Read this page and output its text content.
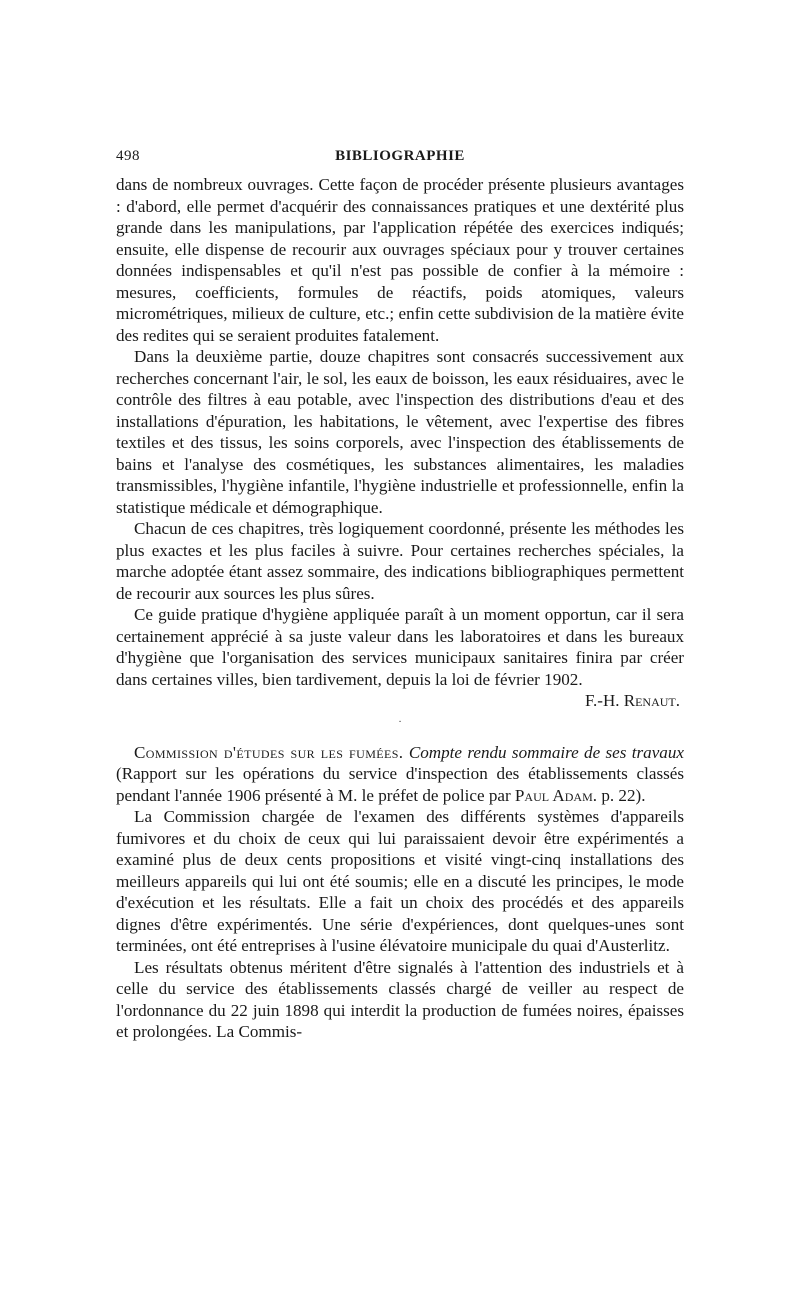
498	BIBLIOGRAPHIE

dans de nombreux ouvrages. Cette façon de procéder présente plusieurs avantages : d'abord, elle permet d'acquérir des connaissances pratiques et une dextérité plus grande dans les manipulations, par l'application répétée des exercices indiqués; ensuite, elle dispense de recourir aux ouvrages spéciaux pour y trouver certaines données indispensables et qu'il n'est pas possible de confier à la mémoire : mesures, coefficients, formules de réactifs, poids atomiques, valeurs micrométriques, milieux de culture, etc.; enfin cette subdivision de la matière évite des redites qui se seraient produites fatalement.

Dans la deuxième partie, douze chapitres sont consacrés successivement aux recherches concernant l'air, le sol, les eaux de boisson, les eaux résiduaires, avec le contrôle des filtres à eau potable, avec l'inspection des distributions d'eau et des installations d'épuration, les habitations, le vêtement, avec l'expertise des fibres textiles et des tissus, les soins corporels, avec l'inspection des établissements de bains et l'analyse des cosmétiques, les substances alimentaires, les maladies transmissibles, l'hygiène infantile, l'hygiène industrielle et professionnelle, enfin la statistique médicale et démographique.

Chacun de ces chapitres, très logiquement coordonné, présente les méthodes les plus exactes et les plus faciles à suivre. Pour certaines recherches spéciales, la marche adoptée étant assez sommaire, des indications bibliographiques permettent de recourir aux sources les plus sûres.

Ce guide pratique d'hygiène appliquée paraît à un moment opportun, car il sera certainement apprécié à sa juste valeur dans les laboratoires et dans les bureaux d'hygiène que l'organisation des services municipaux sanitaires finira par créer dans certaines villes, bien tardivement, depuis la loi de février 1902.

F.-H. Renaut.
·

Commission d'études sur les fumées. Compte rendu sommaire de ses travaux (Rapport sur les opérations du service d'inspection des établissements classés pendant l'année 1906 présenté à M. le préfet de police par Paul Adam. p. 22).

La Commission chargée de l'examen des différents systèmes d'appareils fumivores et du choix de ceux qui lui paraissaient devoir être expérimentés a examiné plus de deux cents propositions et visité vingt-cinq installations des meilleurs appareils qui lui ont été soumis; elle en a discuté les principes, le mode d'exécution et les résultats. Elle a fait un choix des procédés et des appareils dignes d'être expérimentés. Une série d'expériences, dont quelques-unes sont terminées, ont été entreprises à l'usine élévatoire municipale du quai d'Austerlitz.

Les résultats obtenus méritent d'être signalés à l'attention des industriels et à celle du service des établissements classés chargé de veiller au respect de l'ordonnance du 22 juin 1898 qui interdit la production de fumées noires, épaisses et prolongées. La Commis-
